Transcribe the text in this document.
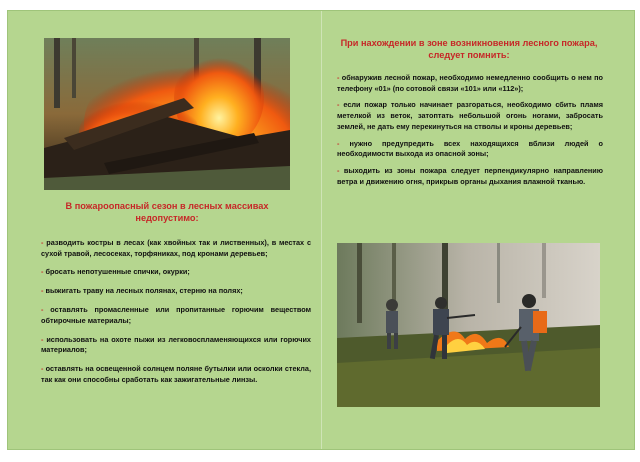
В пожароопасный сезон в лесных массивах недопустимо:
- разводить костры в лесах (как хвойных так и лиственных), в местах с сухой травой, лесосеках, торфяниках, под кронами деревьев;
- бросать непотушенные спички, окурки;
- выжигать траву на лесных полянах, стерню на полях;
- оставлять промасленные или пропитанные горючим веществом обтирочные материалы;
- использовать на охоте пыжи из легковоспламеняющихся или горючих материалов;
- оставлять на освещенной солнцем поляне бутылки или осколки стекла, так как они способны сработать как зажигательные линзы.
При нахождении в зоне возникновения лесного пожара, следует помнить:
- обнаружив лесной пожар, необходимо немедленно сообщить о нем по телефону «01» (по сотовой связи «101» или «112»);
- если пожар только начинает разгораться, необходимо сбить пламя метелкой из веток, затоптать небольшой огонь ногами, забросать землей, не дать ему перекинуться на стволы и кроны деревьев;
- нужно предупредить всех находящихся вблизи людей о необходимости выхода из опасной зоны;
- выходить из зоны пожара следует перпендикулярно направлению ветра и движению огня, прикрыв органы дыхания влажной тканью.
